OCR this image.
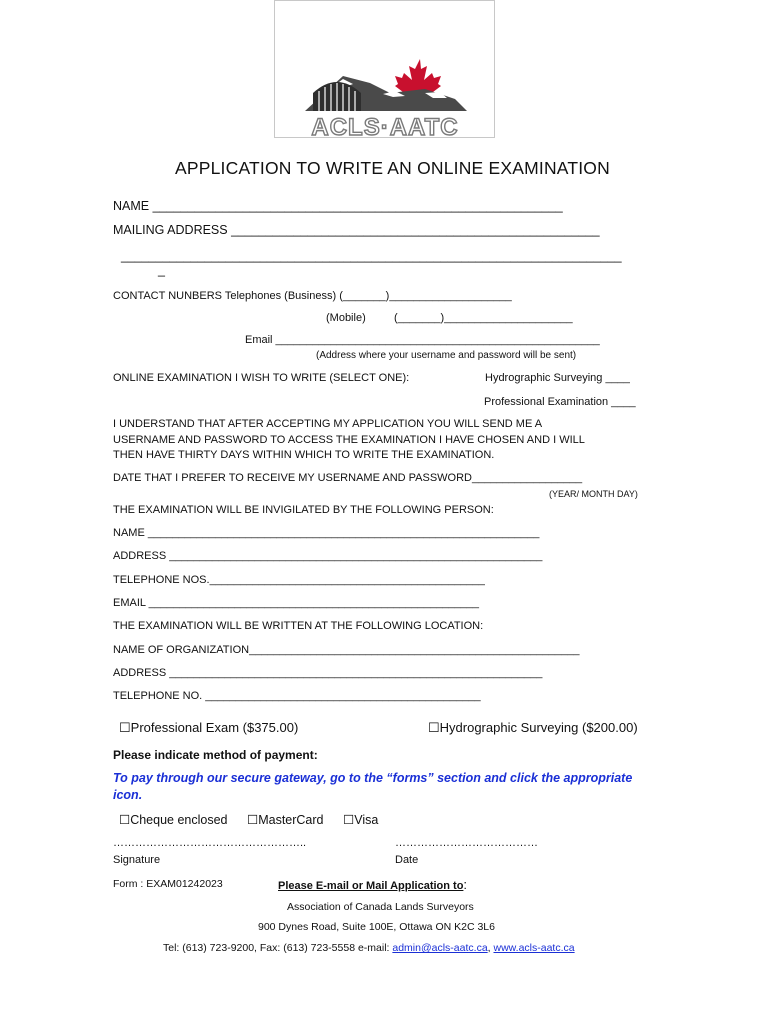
ACLS·AATC
APPLICATION TO WRITE AN ONLINE EXAMINATION
NAME ___________________________________________________________
MAILING ADDRESS _____________________________________________________
________________________________________________________________________
_
CONTACT NUNBERS Telephones (Business) (_______)____________________
(Mobile)	(_______)_____________________
Email _____________________________________________________
(Address where your username and password will be sent)
ONLINE EXAMINATION I WISH TO WRITE (SELECT ONE):	Hydrographic Surveying ____
Professional Examination ____
I UNDERSTAND THAT AFTER ACCEPTING MY APPLICATION YOU WILL SEND ME A
USERNAME AND PASSWORD TO ACCESS THE EXAMINATION I HAVE CHOSEN AND I WILL
THEN HAVE THIRTY DAYS WITHIN WHICH TO WRITE THE EXAMINATION.
DATE THAT I PREFER TO RECEIVE MY USERNAME AND PASSWORD__________________
(YEAR/ MONTH DAY)
THE EXAMINATION WILL BE INVIGILATED BY THE FOLLOWING PERSON:
NAME ________________________________________________________________
ADDRESS _____________________________________________________________
TELEPHONE NOS._____________________________________________
EMAIL ______________________________________________________
THE EXAMINATION WILL BE WRITTEN AT THE FOLLOWING LOCATION:
NAME OF ORGANIZATION______________________________________________________
ADDRESS _____________________________________________________________
TELEPHONE NO. _____________________________________________
☐Professional Exam ($375.00)	☐Hydrographic Surveying ($200.00)
Please indicate method of payment:
To pay through our secure gateway, go to the “forms” section and click the appropriate
icon.
☐Cheque enclosed ☐MasterCard ☐Visa
……………………………………………..	…………………………………
Signature	Date
Form : EXAM01242023	Please E-mail or Mail Application to:
Association of Canada Lands Surveyors
900 Dynes Road, Suite 100E, Ottawa ON K2C 3L6
Tel: (613) 723-9200, Fax: (613) 723-5558 e-mail: admin@acls-aatc.ca, www.acls-aatc.ca
